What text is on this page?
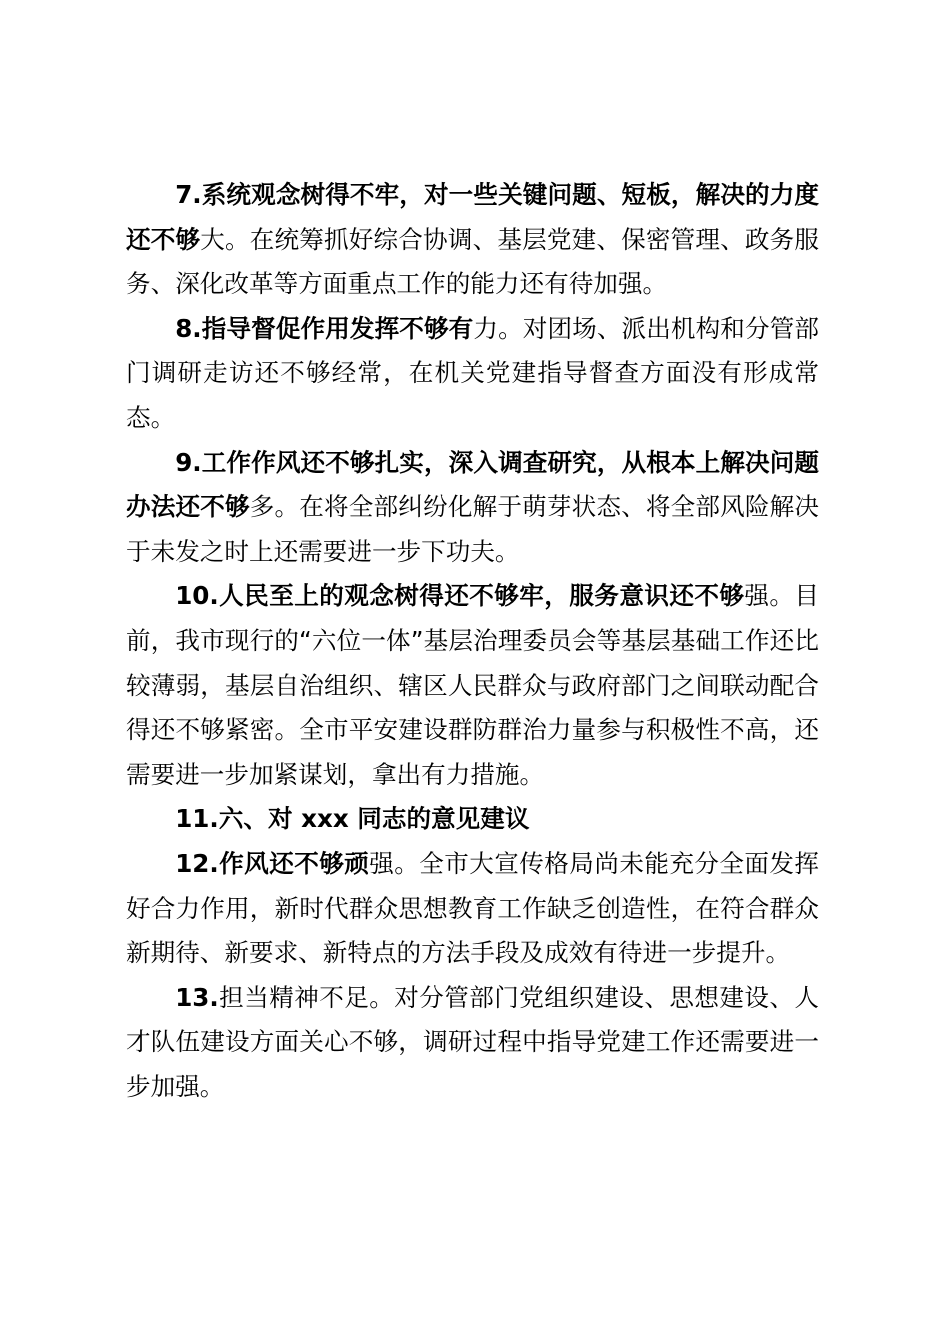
7.系统观念树得不牢，对一些关键问题、短板，解决的力度还不够大。在统筹抓好综合协调、基层党建、保密管理、政务服务、深化改革等方面重点工作的能力还有待加强。

8.指导督促作用发挥不够有力。对团场、派出机构和分管部门调研走访还不够经常，在机关党建指导督查方面没有形成常态。

9.工作作风还不够扎实，深入调查研究，从根本上解决问题办法还不够多。在将全部纠纷化解于萌芽状态、将全部风险解决于未发之时上还需要进一步下功夫。

10.人民至上的观念树得还不够牢，服务意识还不够强。目前，我市现行的“六位一体”基层治理委员会等基层基础工作还比较薄弱，基层自治组织、辖区人民群众与政府部门之间联动配合得还不够紧密。全市平安建设群防群治力量参与积极性不高，还需要进一步加紧谋划，拿出有力措施。

11.六、对 xxx 同志的意见建议

12.作风还不够顽强。全市大宣传格局尚未能充分全面发挥好合力作用，新时代群众思想教育工作缺乏创造性，在符合群众新期待、新要求、新特点的方法手段及成效有待进一步提升。

13.担当精神不足。对分管部门党组织建设、思想建设、人才队伍建设方面关心不够，调研过程中指导党建工作还需要进一步加强。
